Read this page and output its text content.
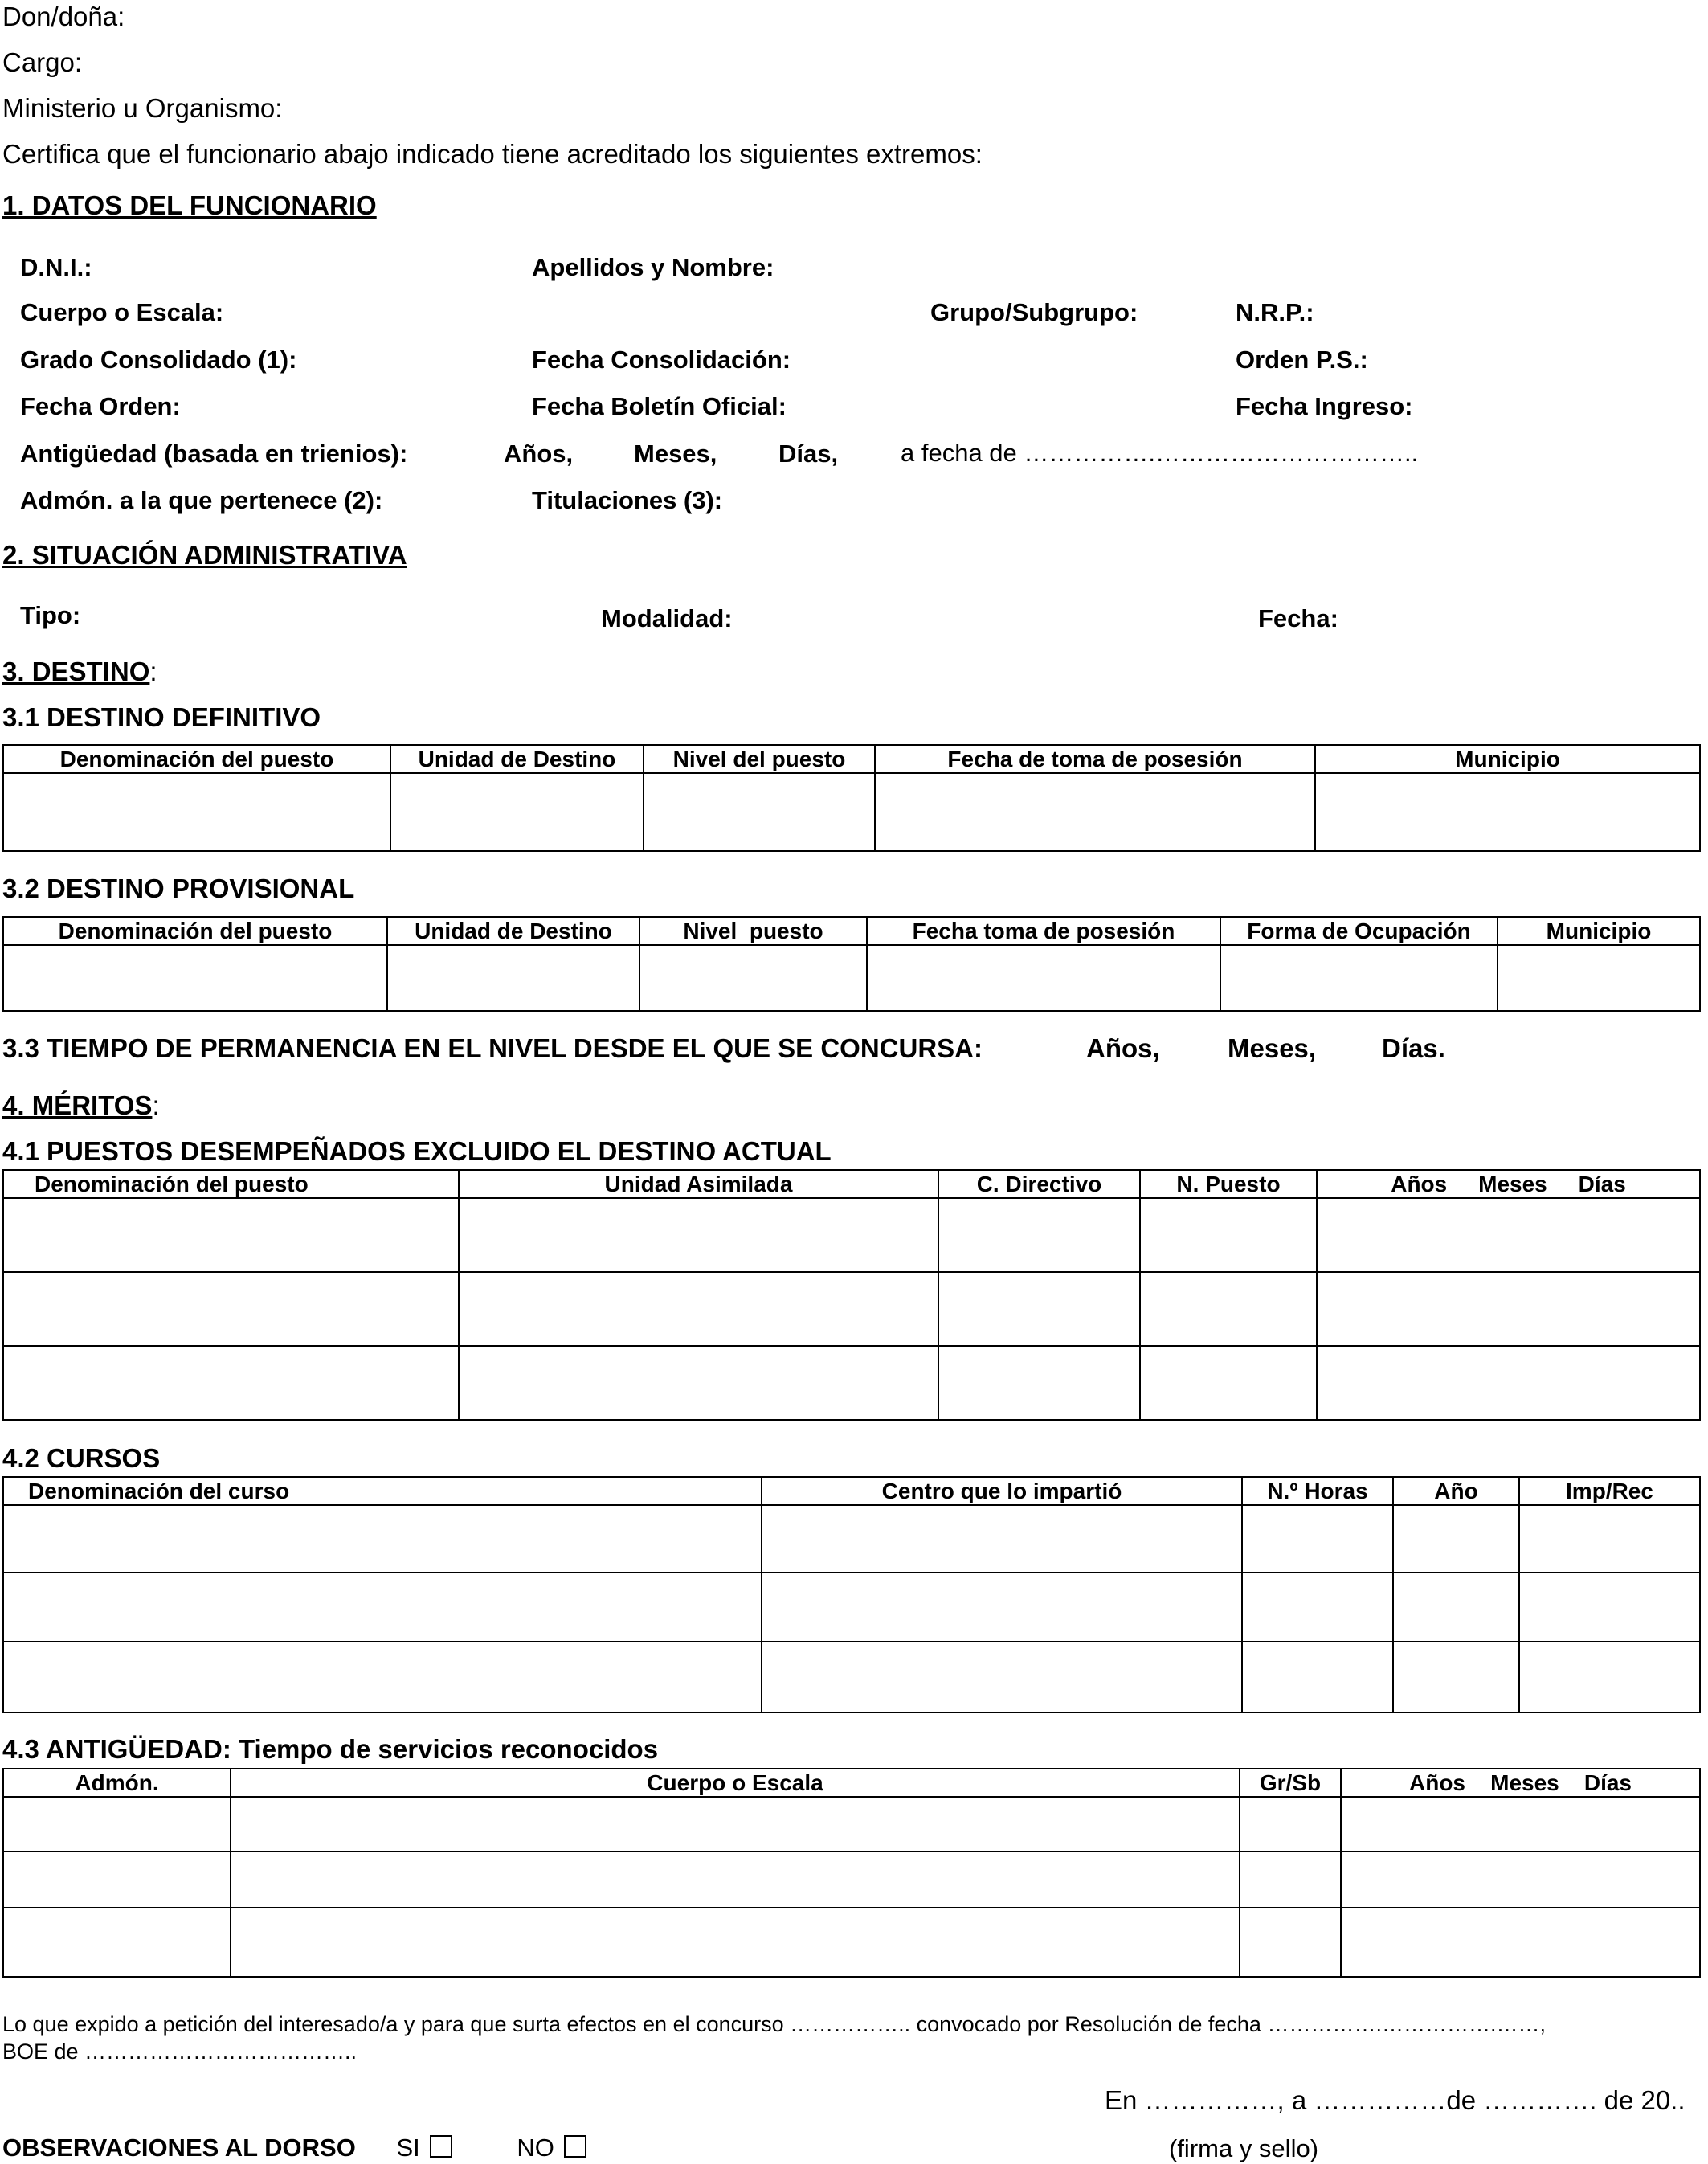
Don/doña:
Cargo:
Ministerio u Organismo:
Certifica que el funcionario abajo indicado tiene acreditado los siguientes extremos:
1. DATOS DEL FUNCIONARIO
D.N.I.:	Apellidos y Nombre:
Cuerpo o Escala:	Grupo/Subgrupo:	N.R.P.:
Grado Consolidado (1):	Fecha Consolidación:	Orden P.S.:
Fecha Orden:	Fecha Boletín Oficial:	Fecha Ingreso:
Antigüedad (basada en trienios):	Años, Meses, Días,	a fecha de …………….…………………………..
Admón. a la que pertenece (2):	Titulaciones (3):
2. SITUACIÓN ADMINISTRATIVA
Tipo:	Modalidad:	Fecha:
3. DESTINO:
3.1 DESTINO DEFINITIVO
Denominación del puesto	Unidad de Destino	Nivel del puesto	Fecha de toma de posesión	Municipio

3.2 DESTINO PROVISIONAL
Denominación del puesto	Unidad de Destino	Nivel  puesto	Fecha toma de posesión	Forma de Ocupación	Municipio

3.3 TIEMPO DE PERMANENCIA EN EL NIVEL DESDE EL QUE SE CONCURSA:	Años,	Meses, Días.
4. MÉRITOS:
4.1 PUESTOS DESEMPEÑADOS EXCLUIDO EL DESTINO ACTUAL
Denominación del puesto	Unidad Asimilada	C. Directivo	N. Puesto	Años     Meses     Días

4.2 CURSOS
Denominación del curso	Centro que lo impartió	N.º Horas	Año	Imp/Rec

4.3 ANTIGÜEDAD: Tiempo de servicios reconocidos
Admón.	Cuerpo o Escala	Gr/Sb	Años    Meses    Días

Lo que expido a petición del interesado/a y para que surta efectos en el concurso …………….. convocado por Resolución de fecha …………….…………….……,
BOE de ………………………………..
En ……………, a ……………de …………. de 20..
OBSERVACIONES AL DORSO SI	NO	(firma y sello)
